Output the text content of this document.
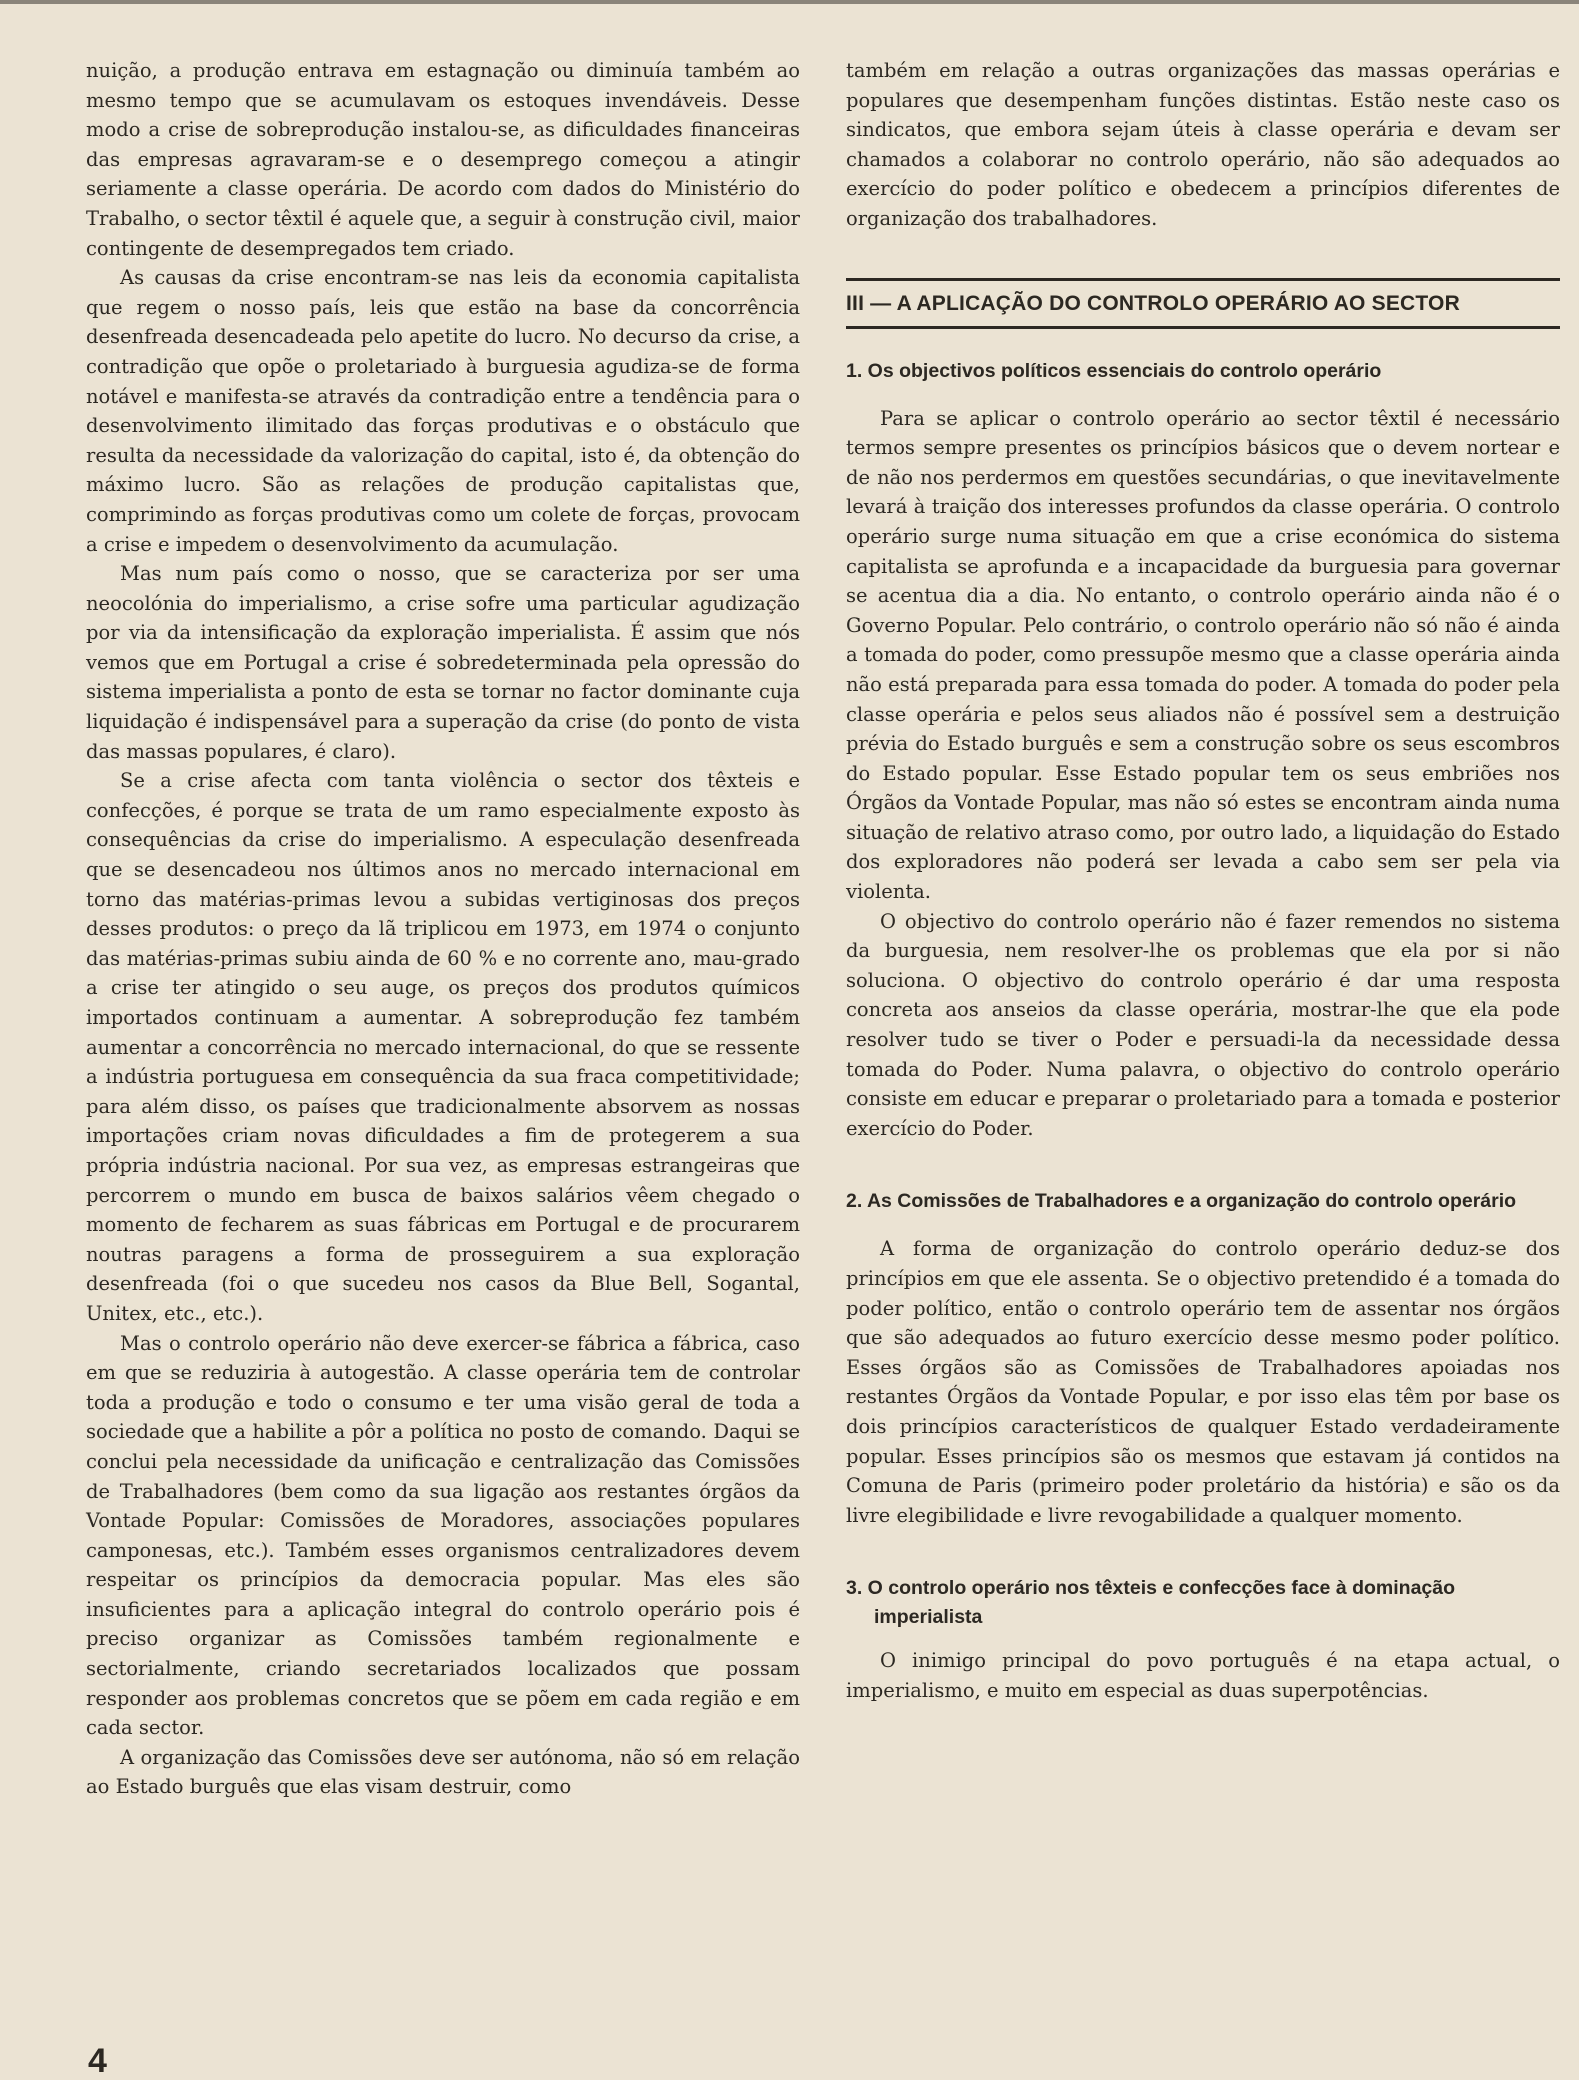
nuição, a produção entrava em estagnação ou diminuía também ao mesmo tempo que se acumulavam os estoques invendáveis. Desse modo a crise de sobreprodução instalou-se, as dificuldades financeiras das empresas agravaram-se e o desemprego começou a atingir seriamente a classe operária. De acordo com dados do Ministério do Trabalho, o sector têxtil é aquele que, a seguir à construção civil, maior contingente de desempregados tem criado.

As causas da crise encontram-se nas leis da economia capitalista que regem o nosso país, leis que estão na base da concorrência desenfreada desencadeada pelo apetite do lucro. No decurso da crise, a contradição que opõe o proletariado à burguesia agudiza-se de forma notável e manifesta-se através da contradição entre a tendência para o desenvolvimento ilimitado das forças produtivas e o obstáculo que resulta da necessidade da valorização do capital, isto é, da obtenção do máximo lucro. São as relações de produção capitalistas que, comprimindo as forças produtivas como um colete de forças, provocam a crise e impedem o desenvolvimento da acumulação.

Mas num país como o nosso, que se caracteriza por ser uma neocolónia do imperialismo, a crise sofre uma particular agudização por via da intensificação da exploração imperialista. É assim que nós vemos que em Portugal a crise é sobredeterminada pela opressão do sistema imperialista a ponto de esta se tornar no factor dominante cuja liquidação é indispensável para a superação da crise (do ponto de vista das massas populares, é claro).

Se a crise afecta com tanta violência o sector dos têxteis e confecções, é porque se trata de um ramo especialmente exposto às consequências da crise do imperialismo. A especulação desenfreada que se desencadeou nos últimos anos no mercado internacional em torno das matérias-primas levou a subidas vertiginosas dos preços desses produtos: o preço da lã triplicou em 1973, em 1974 o conjunto das matérias-primas subiu ainda de 60 % e no corrente ano, mau-grado a crise ter atingido o seu auge, os preços dos produtos químicos importados continuam a aumentar. A sobreprodução fez também aumentar a concorrência no mercado internacional, do que se ressente a indústria portuguesa em consequência da sua fraca competitividade; para além disso, os países que tradicionalmente absorvem as nossas importações criam novas dificuldades a fim de protegerem a sua própria indústria nacional. Por sua vez, as empresas estrangeiras que percorrem o mundo em busca de baixos salários vêem chegado o momento de fecharem as suas fábricas em Portugal e de procurarem noutras paragens a forma de prosseguirem a sua exploração desenfreada (foi o que sucedeu nos casos da Blue Bell, Sogantal, Unitex, etc., etc.).

Mas o controlo operário não deve exercer-se fábrica a fábrica, caso em que se reduziria à autogestão. A classe operária tem de controlar toda a produção e todo o consumo e ter uma visão geral de toda a sociedade que a habilite a pôr a política no posto de comando. Daqui se conclui pela necessidade da unificação e centralização das Comissões de Trabalhadores (bem como da sua ligação aos restantes órgãos da Vontade Popular: Comissões de Moradores, associações populares camponesas, etc.). Também esses organismos centralizadores devem respeitar os princípios da democracia popular. Mas eles são insuficientes para a aplicação integral do controlo operário pois é preciso organizar as Comissões também regionalmente e sectorialmente, criando secretariados localizados que possam responder aos problemas concretos que se põem em cada região e em cada sector.

A organização das Comissões deve ser autónoma, não só em relação ao Estado burguês que elas visam destruir, como

também em relação a outras organizações das massas operárias e populares que desempenham funções distintas. Estão neste caso os sindicatos, que embora sejam úteis à classe operária e devam ser chamados a colaborar no controlo operário, não são adequados ao exercício do poder político e obedecem a princípios diferentes de organização dos trabalhadores.

III — A APLICAÇÃO DO CONTROLO OPERÁRIO AO SECTOR
1. Os objectivos políticos essenciais do controlo operário

Para se aplicar o controlo operário ao sector têxtil é necessário termos sempre presentes os princípios básicos que o devem nortear e de não nos perdermos em questões secundárias, o que inevitavelmente levará à traição dos interesses profundos da classe operária. O controlo operário surge numa situação em que a crise económica do sistema capitalista se aprofunda e a incapacidade da burguesia para governar se acentua dia a dia. No entanto, o controlo operário ainda não é o Governo Popular. Pelo contrário, o controlo operário não só não é ainda a tomada do poder, como pressupõe mesmo que a classe operária ainda não está preparada para essa tomada do poder. A tomada do poder pela classe operária e pelos seus aliados não é possível sem a destruição prévia do Estado burguês e sem a construção sobre os seus escombros do Estado popular. Esse Estado popular tem os seus embriões nos Órgãos da Vontade Popular, mas não só estes se encontram ainda numa situação de relativo atraso como, por outro lado, a liquidação do Estado dos exploradores não poderá ser levada a cabo sem ser pela via violenta.

O objectivo do controlo operário não é fazer remendos no sistema da burguesia, nem resolver-lhe os problemas que ela por si não soluciona. O objectivo do controlo operário é dar uma resposta concreta aos anseios da classe operária, mostrar-lhe que ela pode resolver tudo se tiver o Poder e persuadi-la da necessidade dessa tomada do Poder. Numa palavra, o objectivo do controlo operário consiste em educar e preparar o proletariado para a tomada e posterior exercício do Poder.

2. As Comissões de Trabalhadores e a organização do controlo operário

A forma de organização do controlo operário deduz-se dos princípios em que ele assenta. Se o objectivo pretendido é a tomada do poder político, então o controlo operário tem de assentar nos órgãos que são adequados ao futuro exercício desse mesmo poder político. Esses órgãos são as Comissões de Trabalhadores apoiadas nos restantes Órgãos da Vontade Popular, e por isso elas têm por base os dois princípios característicos de qualquer Estado verdadeiramente popular. Esses princípios são os mesmos que estavam já contidos na Comuna de Paris (primeiro poder proletário da história) e são os da livre elegibilidade e livre revogabilidade a qualquer momento.

3. O controlo operário nos têxteis e confecções face à dominação imperialista

O inimigo principal do povo português é na etapa actual, o imperialismo, e muito em especial as duas superpotências.

4
